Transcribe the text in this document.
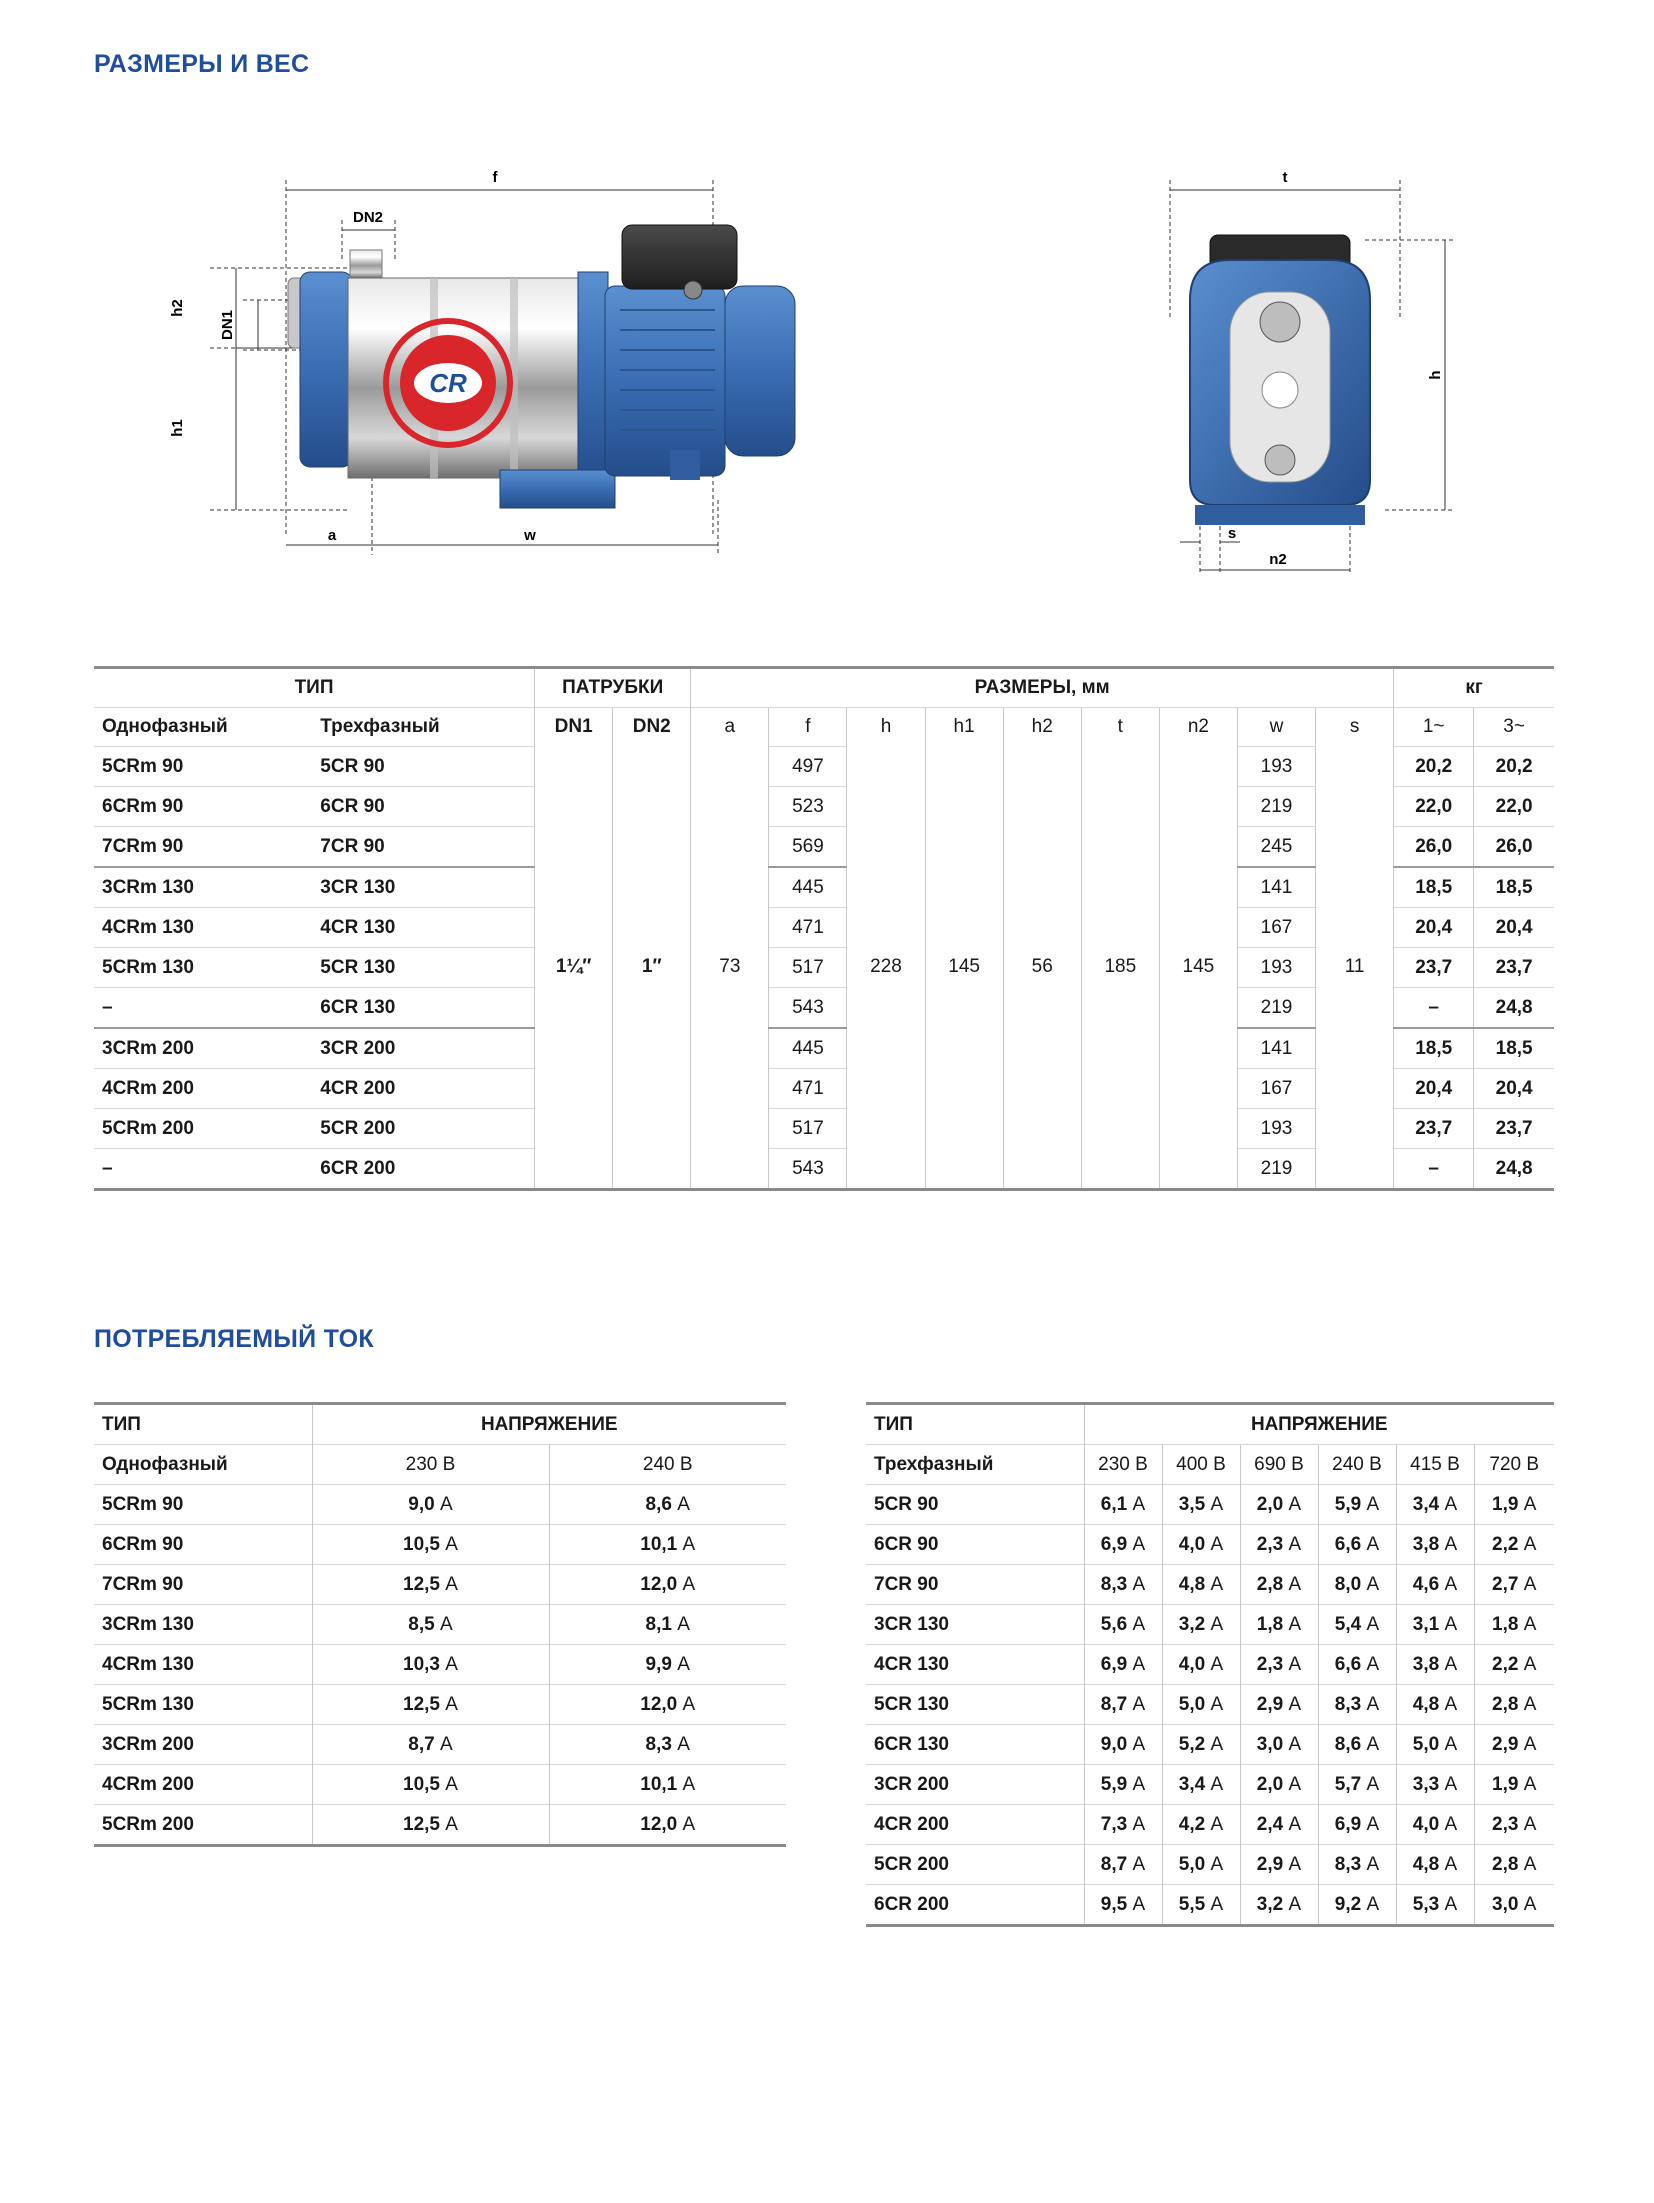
РАЗМЕРЫ И ВЕС
f
DN2
h2
DN1
h1
a	w
CR
t
h
s
n2
ТИП		ПАТРУБКИ		РАЗМЕРЫ, мм									кг	
Однофазный	Трехфазный	DN1	DN2	a	f	h	h1	h2	t	n2	w	s	1~	3~
5CRm 90	5CR 90	1¼″	1″	73	497	228	145	56	185	145	193	11	20,2	20,2
6CRm 90	6CR 90				523						219		22,0	22,0
7CRm 90	7CR 90				569						245		26,0	26,0
3CRm 130	3CR 130				445						141		18,5	18,5
4CRm 130	4CR 130				471						167		20,4	20,4
5CRm 130	5CR 130				517						193		23,7	23,7
–	6CR 130				543						219		–	24,8
3CRm 200	3CR 200				445						141		18,5	18,5
4CRm 200	4CR 200				471						167		20,4	20,4
5CRm 200	5CR 200				517						193		23,7	23,7
–	6CR 200				543						219		–	24,8
ПОТРЕБЛЯЕМЫЙ ТОК
ТИП	НАПРЯЖЕНИЕ	
Однофазный	230 В	240 В
5CRm 90	9,0 А	8,6 А
6CRm 90	10,5 А	10,1 А
7CRm 90	12,5 А	12,0 А
3CRm 130	8,5 А	8,1 А
4CRm 130	10,3 А	9,9 А
5CRm 130	12,5 А	12,0 А
3CRm 200	8,7 А	8,3 А
4CRm 200	10,5 А	10,1 А
5CRm 200	12,5 А	12,0 А
ТИП	НАПРЯЖЕНИЕ					
Трехфазный	230 В	400 В	690 В	240 В	415 В	720 В
5CR 90	6,1 А	3,5 А	2,0 А	5,9 А	3,4 А	1,9 А
6CR 90	6,9 А	4,0 А	2,3 А	6,6 А	3,8 А	2,2 А
7CR 90	8,3 А	4,8 А	2,8 А	8,0 А	4,6 А	2,7 А
3CR 130	5,6 А	3,2 А	1,8 А	5,4 А	3,1 А	1,8 А
4CR 130	6,9 А	4,0 А	2,3 А	6,6 А	3,8 А	2,2 А
5CR 130	8,7 А	5,0 А	2,9 А	8,3 А	4,8 А	2,8 А
6CR 130	9,0 А	5,2 А	3,0 А	8,6 А	5,0 А	2,9 А
3CR 200	5,9 А	3,4 А	2,0 А	5,7 А	3,3 А	1,9 А
4CR 200	7,3 А	4,2 А	2,4 А	6,9 А	4,0 А	2,3 А
5CR 200	8,7 А	5,0 А	2,9 А	8,3 А	4,8 А	2,8 А
6CR 200	9,5 А	5,5 А	3,2 А	9,2 А	5,3 А	3,0 А
